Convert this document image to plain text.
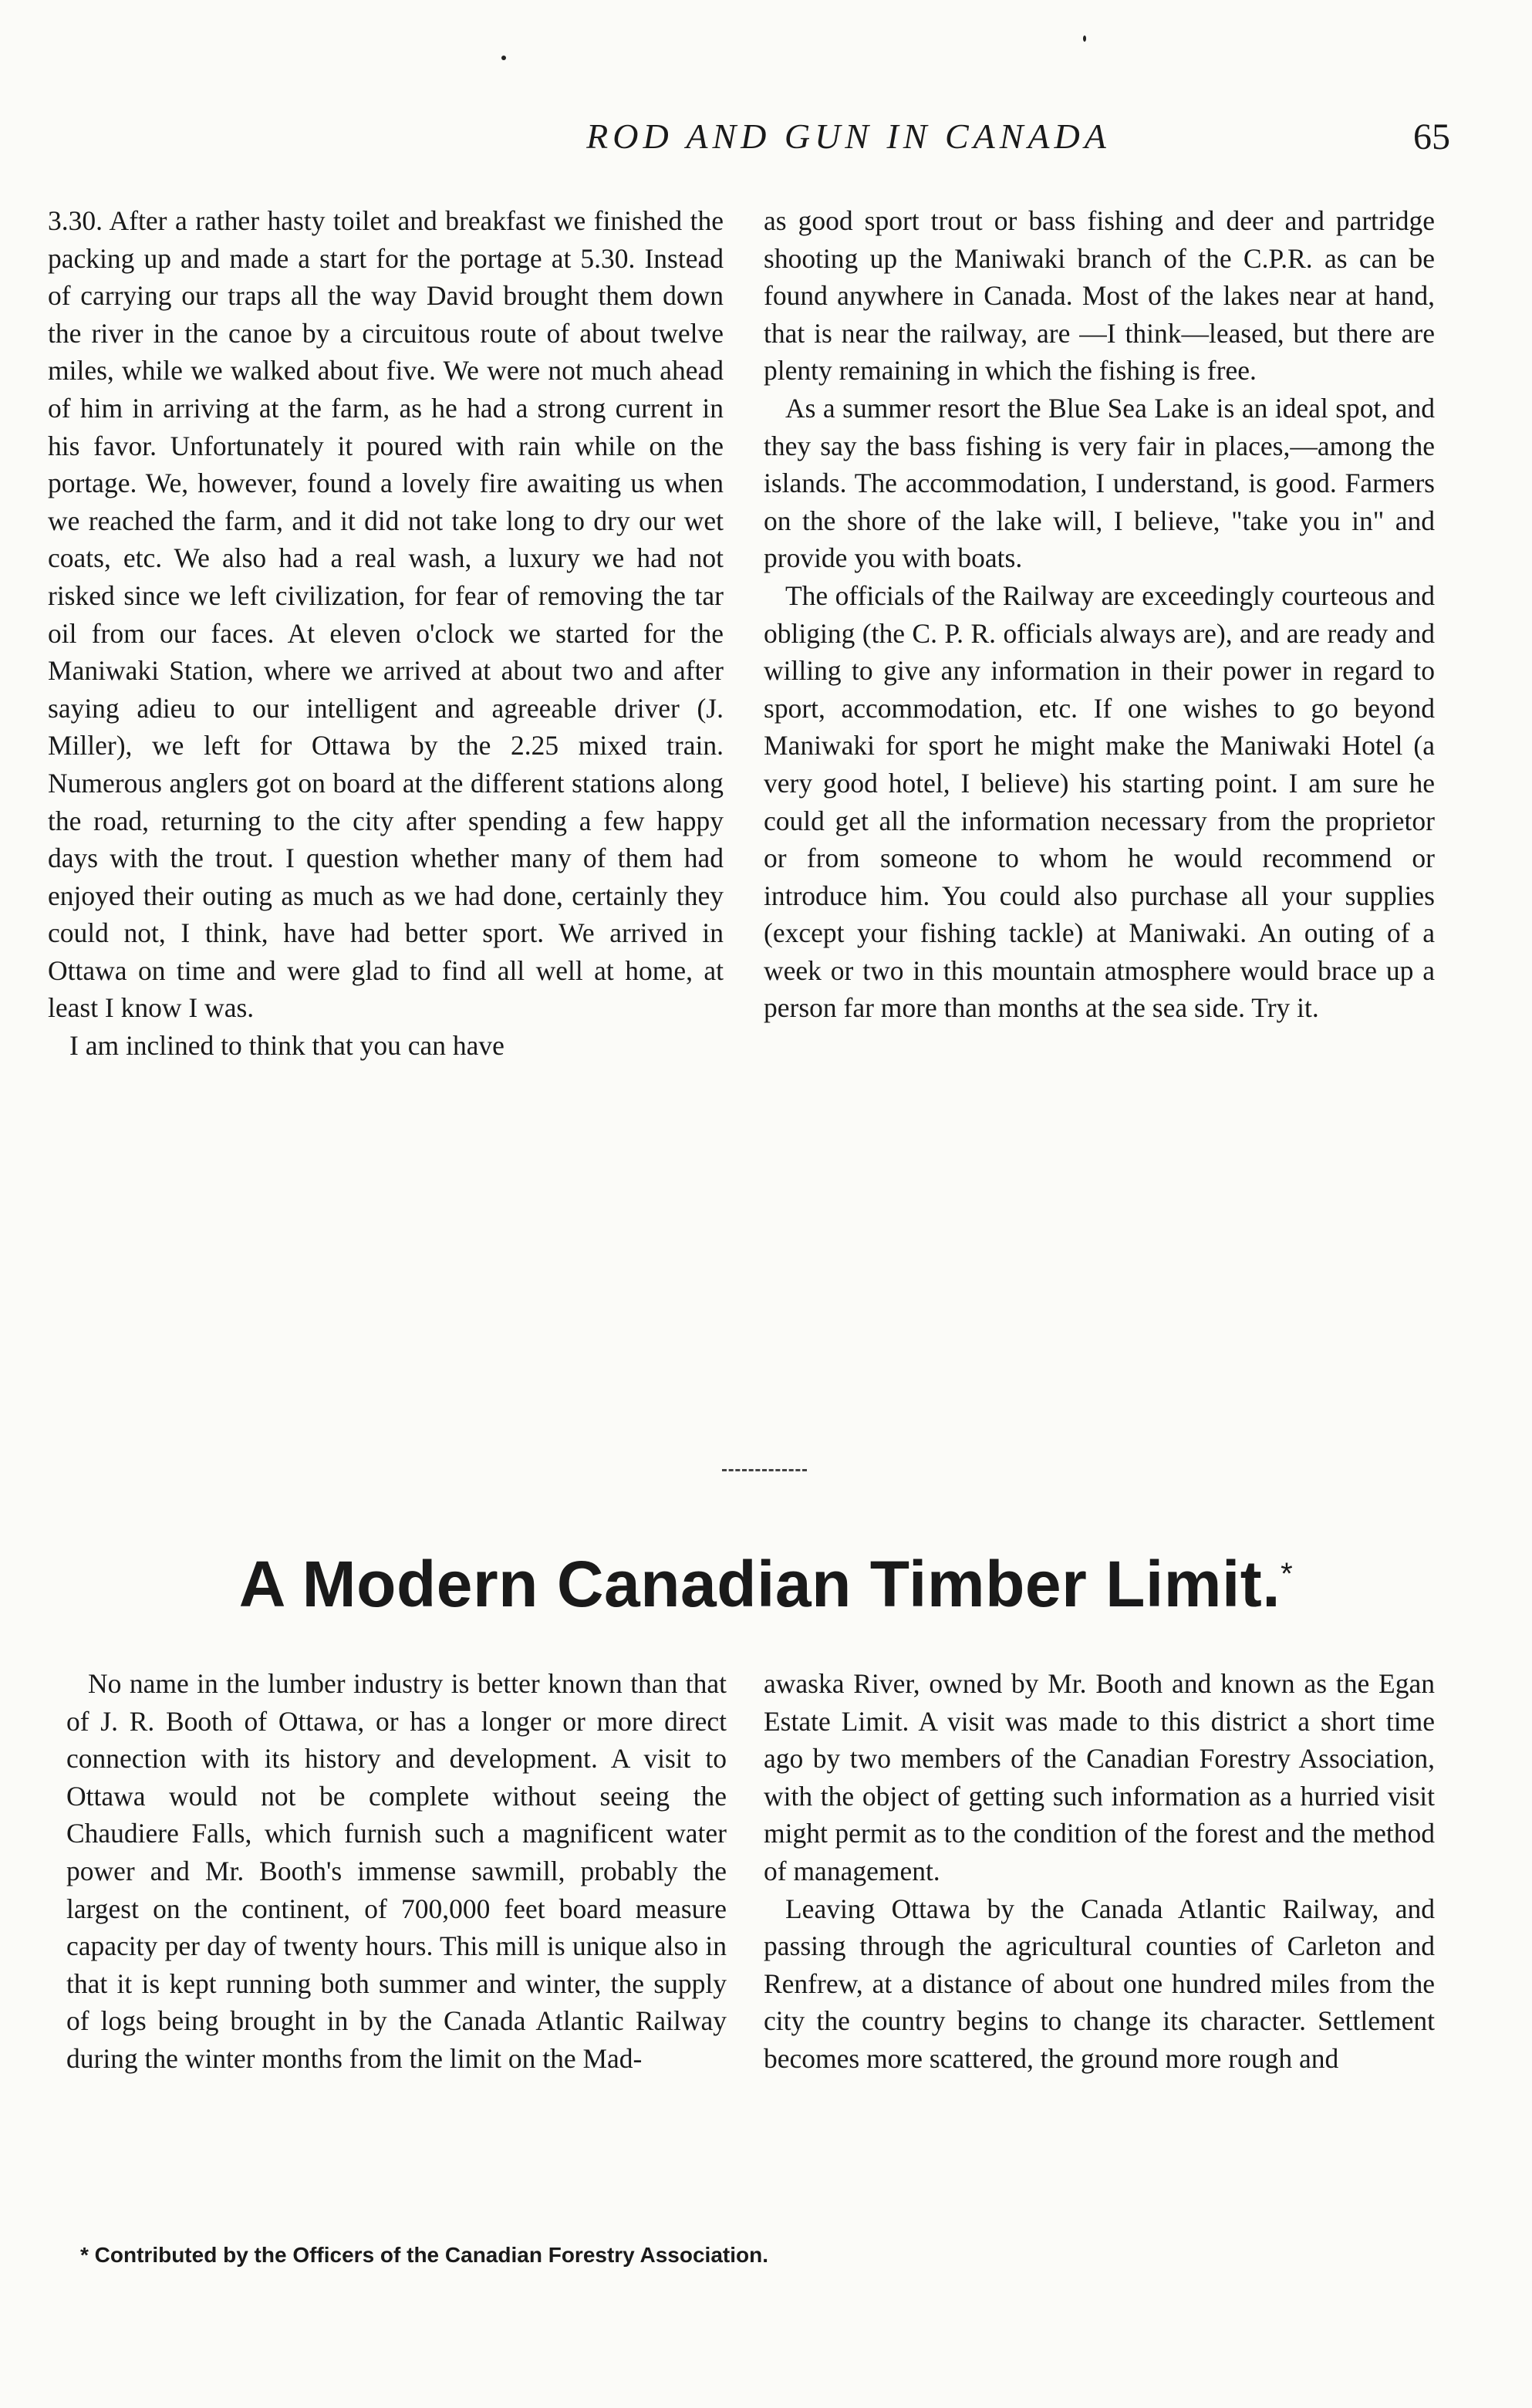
ROD AND GUN IN CANADA	65

3.30. After a rather hasty toilet and breakfast we finished the packing up and made a start for the portage at 5.30. Instead of carrying our traps all the way David brought them down the river in the canoe by a circuitous route of about twelve miles, while we walked about five. We were not much ahead of him in arriving at the farm, as he had a strong current in his favor. Unfortunately it poured with rain while on the portage. We, however, found a lovely fire awaiting us when we reached the farm, and it did not take long to dry our wet coats, etc. We also had a real wash, a luxury we had not risked since we left civilization, for fear of removing the tar oil from our faces. At eleven o'clock we started for the Maniwaki Station, where we arrived at about two and after saying adieu to our intelligent and agreeable driver (J. Miller), we left for Ottawa by the 2.25 mixed train. Numerous anglers got on board at the different stations along the road, returning to the city after spending a few happy days with the trout. I question whether many of them had enjoyed their outing as much as we had done, certainly they could not, I think, have had better sport. We arrived in Ottawa on time and were glad to find all well at home, at least I know I was.

I am inclined to think that you can have

as good sport trout or bass fishing and deer and partridge shooting up the Maniwaki branch of the C.P.R. as can be found anywhere in Canada. Most of the lakes near at hand, that is near the railway, are —I think—leased, but there are plenty remaining in which the fishing is free.

As a summer resort the Blue Sea Lake is an ideal spot, and they say the bass fishing is very fair in places,—among the islands. The accommodation, I understand, is good. Farmers on the shore of the lake will, I believe, "take you in" and provide you with boats.

The officials of the Railway are exceedingly courteous and obliging (the C. P. R. officials always are), and are ready and willing to give any information in their power in regard to sport, accommodation, etc. If one wishes to go beyond Maniwaki for sport he might make the Maniwaki Hotel (a very good hotel, I believe) his starting point. I am sure he could get all the information necessary from the proprietor or from someone to whom he would recommend or introduce him. You could also purchase all your supplies (except your fishing tackle) at Maniwaki. An outing of a week or two in this mountain atmosphere would brace up a person far more than months at the sea side. Try it.

A Modern Canadian Timber Limit.*

No name in the lumber industry is better known than that of J. R. Booth of Ottawa, or has a longer or more direct connection with its history and development. A visit to Ottawa would not be complete without seeing the Chaudiere Falls, which furnish such a magnificent water power and Mr. Booth's immense sawmill, probably the largest on the continent, of 700,000 feet board measure capacity per day of twenty hours. This mill is unique also in that it is kept running both summer and winter, the supply of logs being brought in by the Canada Atlantic Railway during the winter months from the limit on the Mad-

awaska River, owned by Mr. Booth and known as the Egan Estate Limit. A visit was made to this district a short time ago by two members of the Canadian Forestry Association, with the object of getting such information as a hurried visit might permit as to the condition of the forest and the method of management.

Leaving Ottawa by the Canada Atlantic Railway, and passing through the agricultural counties of Carleton and Renfrew, at a distance of about one hundred miles from the city the country begins to change its character. Settlement becomes more scattered, the ground more rough and

* Contributed by the Officers of the Canadian Forestry Association.
